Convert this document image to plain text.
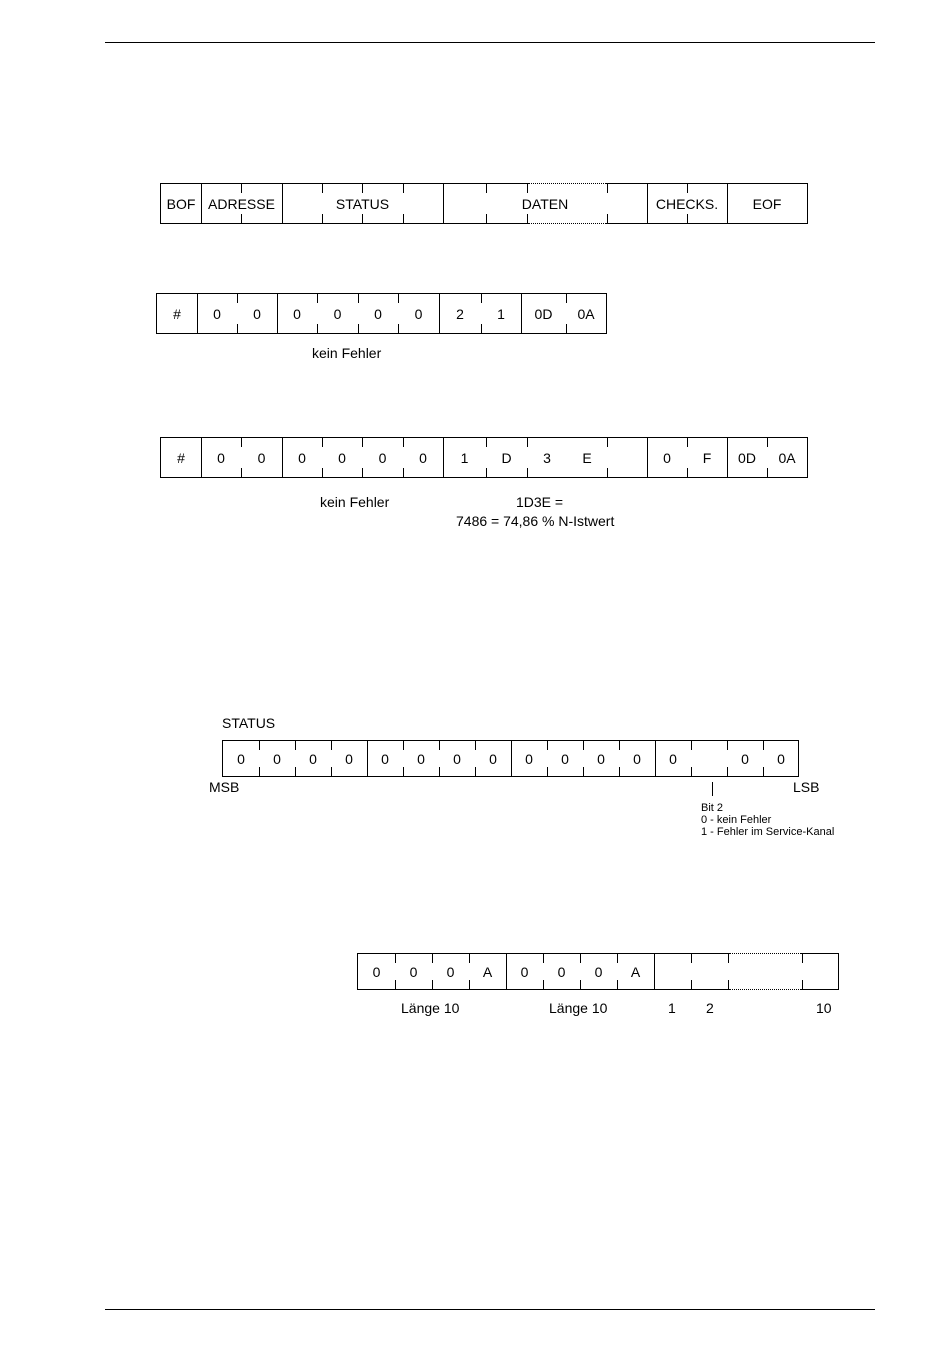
BOF ADRESSE	STATUS	DATEN	CHECKS.	EOF
#	0	0	0	0	0	0	2	1	0D	0A
kein Fehler
#	0	0	0	0	0	0	1	D	3	E	0	F	0D	0A
kein Fehler	1D3E =
7486 = 74,86 % N-Istwert
STATUS
0	0	0	0	0	0	0	0	0	0	0	0	0	0	0
MSB	LSB
Bit 2
0 - kein Fehler
1 - Fehler im Service-Kanal
0	0	0	A	0	0	0	A
Länge 10	Länge 10	1 2	10
